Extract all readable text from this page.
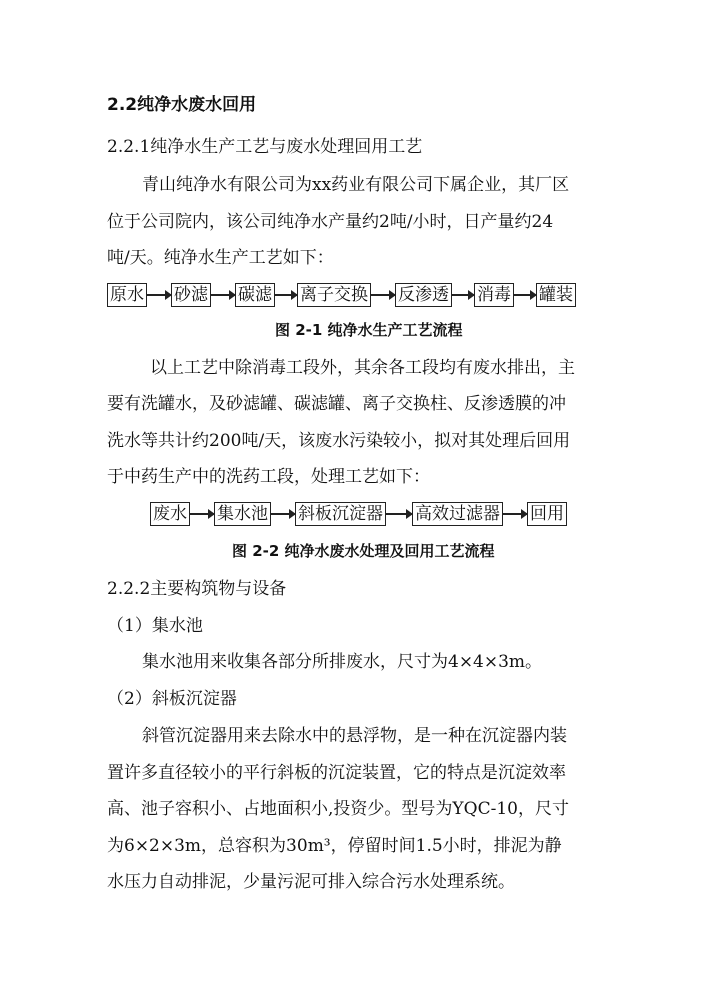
2.2纯净水废水回用
2.2.1纯净水生产工艺与废水处理回用工艺
青山纯净水有限公司为xx药业有限公司下属企业，其厂区
位于公司院内，该公司纯净水产量约2吨/小时，日产量约24
吨/天。纯净水生产工艺如下：
原水 砂滤 碳滤 离子交换 反渗透 消毒 罐装
图 2-1 纯净水生产工艺流程
以上工艺中除消毒工段外，其余各工段均有废水排出，主
要有洗罐水，及砂滤罐、碳滤罐、离子交换柱、反渗透膜的冲
洗水等共计约200吨/天，该废水污染较小，拟对其处理后回用
于中药生产中的洗药工段，处理工艺如下：
废水 集水池 斜板沉淀器 高效过滤器 回用
图 2-2 纯净水废水处理及回用工艺流程
2.2.2主要构筑物与设备
（1）集水池
集水池用来收集各部分所排废水，尺寸为4×4×3m。
（2）斜板沉淀器
斜管沉淀器用来去除水中的悬浮物，是一种在沉淀器内装
置许多直径较小的平行斜板的沉淀装置，它的特点是沉淀效率
高、池子容积小、占地面积小,投资少。型号为YQC-10，尺寸
为6×2×3m，总容积为30m³，停留时间1.5小时，排泥为静
水压力自动排泥，少量污泥可排入综合污水处理系统。
